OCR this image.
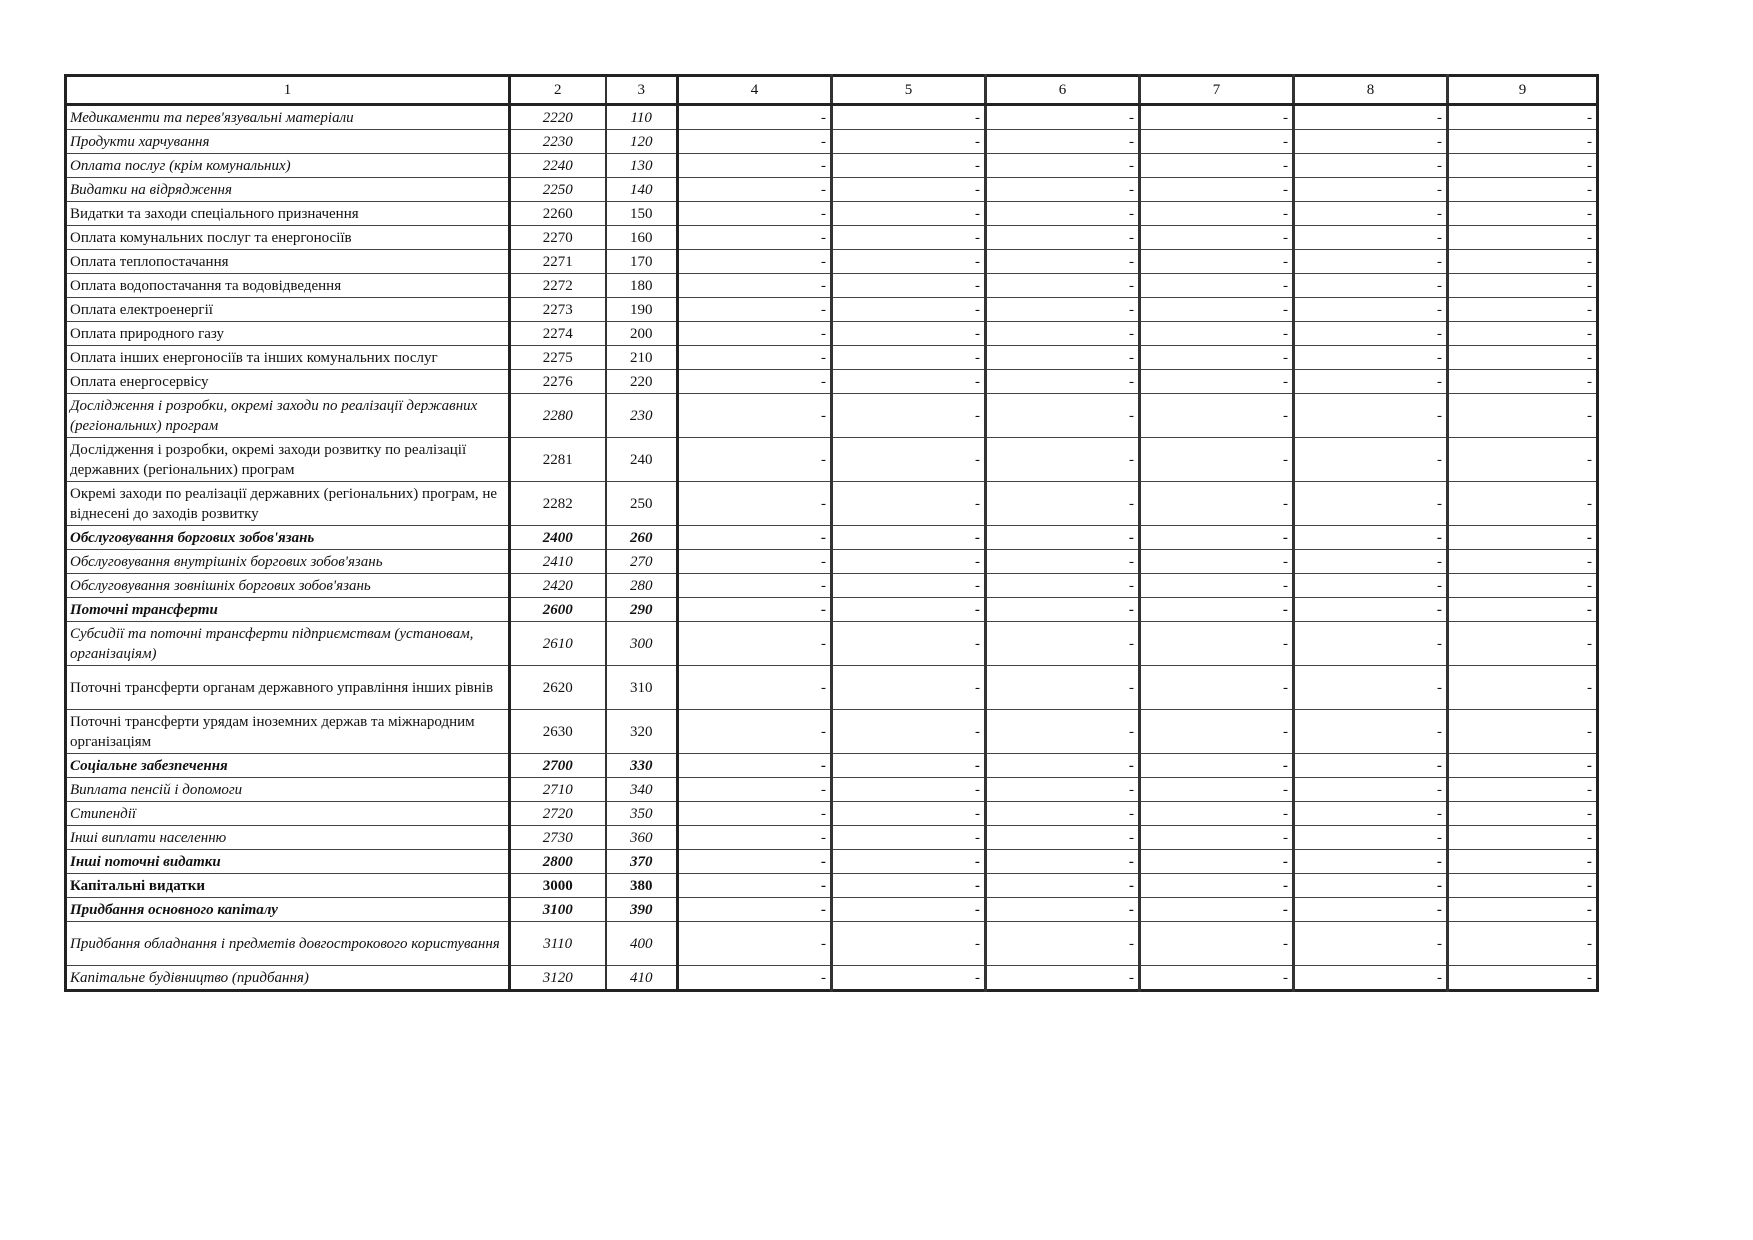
1	2	3	4	5	6	7	8	9
Медикаменти та перев'язувальні матеріали	2220	110	-	-	-	-	-	-
Продукти харчування	2230	120	-	-	-	-	-	-
Оплата послуг (крім комунальних)	2240	130	-	-	-	-	-	-
Видатки на відрядження	2250	140	-	-	-	-	-	-
Видатки та заходи спеціального призначення	2260	150	-	-	-	-	-	-
Оплата комунальних послуг та енергоносіїв	2270	160	-	-	-	-	-	-
Оплата теплопостачання	2271	170	-	-	-	-	-	-
Оплата водопостачання та водовідведення	2272	180	-	-	-	-	-	-
Оплата електроенергії	2273	190	-	-	-	-	-	-
Оплата природного газу	2274	200	-	-	-	-	-	-
Оплата інших енергоносіїв та інших комунальних послуг	2275	210	-	-	-	-	-	-
Оплата енергосервісу	2276	220	-	-	-	-	-	-
Дослідження і розробки, окремі заходи по реалізації державних (регіональних) програм	2280	230	-	-	-	-	-	-
Дослідження і розробки, окремі заходи розвитку по реалізації державних (регіональних) програм	2281	240	-	-	-	-	-	-
Окремі заходи по реалізації державних (регіональних) програм, не віднесені до заходів розвитку	2282	250	-	-	-	-	-	-
Обслуговування боргових зобов'язань	2400	260	-	-	-	-	-	-
Обслуговування внутрішніх боргових зобов'язань	2410	270	-	-	-	-	-	-
Обслуговування зовнішніх боргових зобов'язань	2420	280	-	-	-	-	-	-
Поточні трансферти	2600	290	-	-	-	-	-	-
Субсидії та поточні трансферти підприємствам (установам, організаціям)	2610	300	-	-	-	-	-	-
Поточні трансферти органам державного управління інших рівнів	2620	310	-	-	-	-	-	-
Поточні трансферти урядам іноземних держав та міжнародним організаціям	2630	320	-	-	-	-	-	-
Соціальне забезпечення	2700	330	-	-	-	-	-	-
Виплата пенсій і допомоги	2710	340	-	-	-	-	-	-
Стипендії	2720	350	-	-	-	-	-	-
Інші виплати населенню	2730	360	-	-	-	-	-	-
Інші поточні видатки	2800	370	-	-	-	-	-	-
Капітальні видатки	3000	380	-	-	-	-	-	-
Придбання основного капіталу	3100	390	-	-	-	-	-	-
Придбання обладнання і предметів довгострокового користування	3110	400	-	-	-	-	-	-
Капітальне будівництво (придбання)	3120	410	-	-	-	-	-	-
